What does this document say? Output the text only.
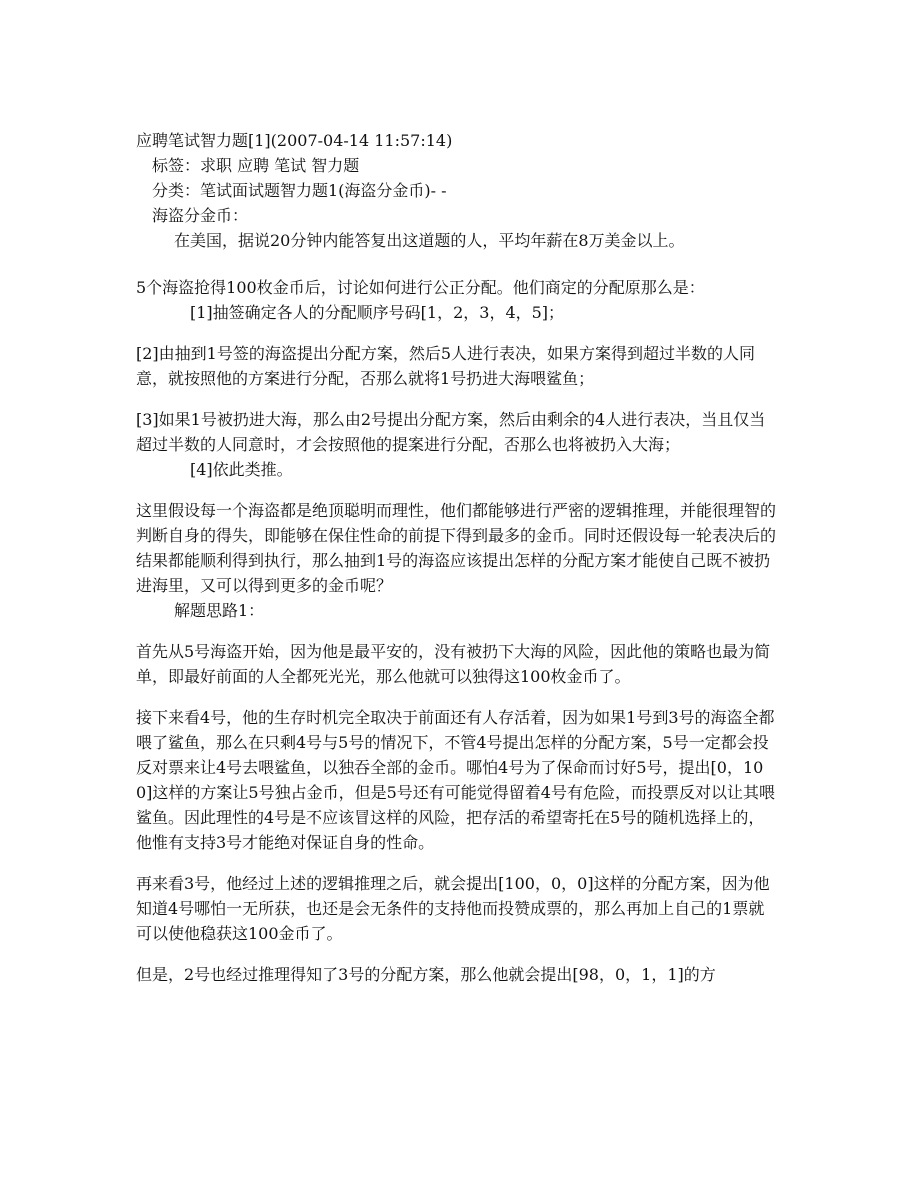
应聘笔试智力题[1](2007-04-14 11:57:14)

标签：求职 应聘 笔试 智力题

分类：笔试面试题智力题1(海盗分金币)- -

海盗分金币：

在美国，据说20分钟内能答复出这道题的人，平均年薪在8万美金以上。

5个海盗抢得100枚金币后，讨论如何进行公正分配。他们商定的分配原那么是：

[1]抽签确定各人的分配顺序号码[1，2，3，4，5]；

[2]由抽到1号签的海盗提出分配方案，然后5人进行表决，如果方案得到超过半数的人同意，就按照他的方案进行分配，否那么就将1号扔进大海喂鲨鱼；

[3]如果1号被扔进大海，那么由2号提出分配方案，然后由剩余的4人进行表决，当且仅当超过半数的人同意时，才会按照他的提案进行分配，否那么也将被扔入大海；

[4]依此类推。

这里假设每一个海盗都是绝顶聪明而理性，他们都能够进行严密的逻辑推理，并能很理智的判断自身的得失，即能够在保住性命的前提下得到最多的金币。同时还假设每一轮表决后的结果都能顺利得到执行，那么抽到1号的海盗应该提出怎样的分配方案才能使自己既不被扔进海里，又可以得到更多的金币呢？

解题思路1：

首先从5号海盗开始，因为他是最平安的，没有被扔下大海的风险，因此他的策略也最为简单，即最好前面的人全都死光光，那么他就可以独得这100枚金币了。

接下来看4号，他的生存时机完全取决于前面还有人存活着，因为如果1号到3号的海盗全都喂了鲨鱼，那么在只剩4号与5号的情况下，不管4号提出怎样的分配方案，5号一定都会投反对票来让4号去喂鲨鱼，以独吞全部的金币。哪怕4号为了保命而讨好5号，提出[0，100]这样的方案让5号独占金币，但是5号还有可能觉得留着4号有危险，而投票反对以让其喂鲨鱼。因此理性的4号是不应该冒这样的风险，把存活的希望寄托在5号的随机选择上的，他惟有支持3号才能绝对保证自身的性命。

再来看3号，他经过上述的逻辑推理之后，就会提出[100，0，0]这样的分配方案，因为他知道4号哪怕一无所获，也还是会无条件的支持他而投赞成票的，那么再加上自己的1票就可以使他稳获这100金币了。

但是，2号也经过推理得知了3号的分配方案，那么他就会提出[98，0，1，1]的方
